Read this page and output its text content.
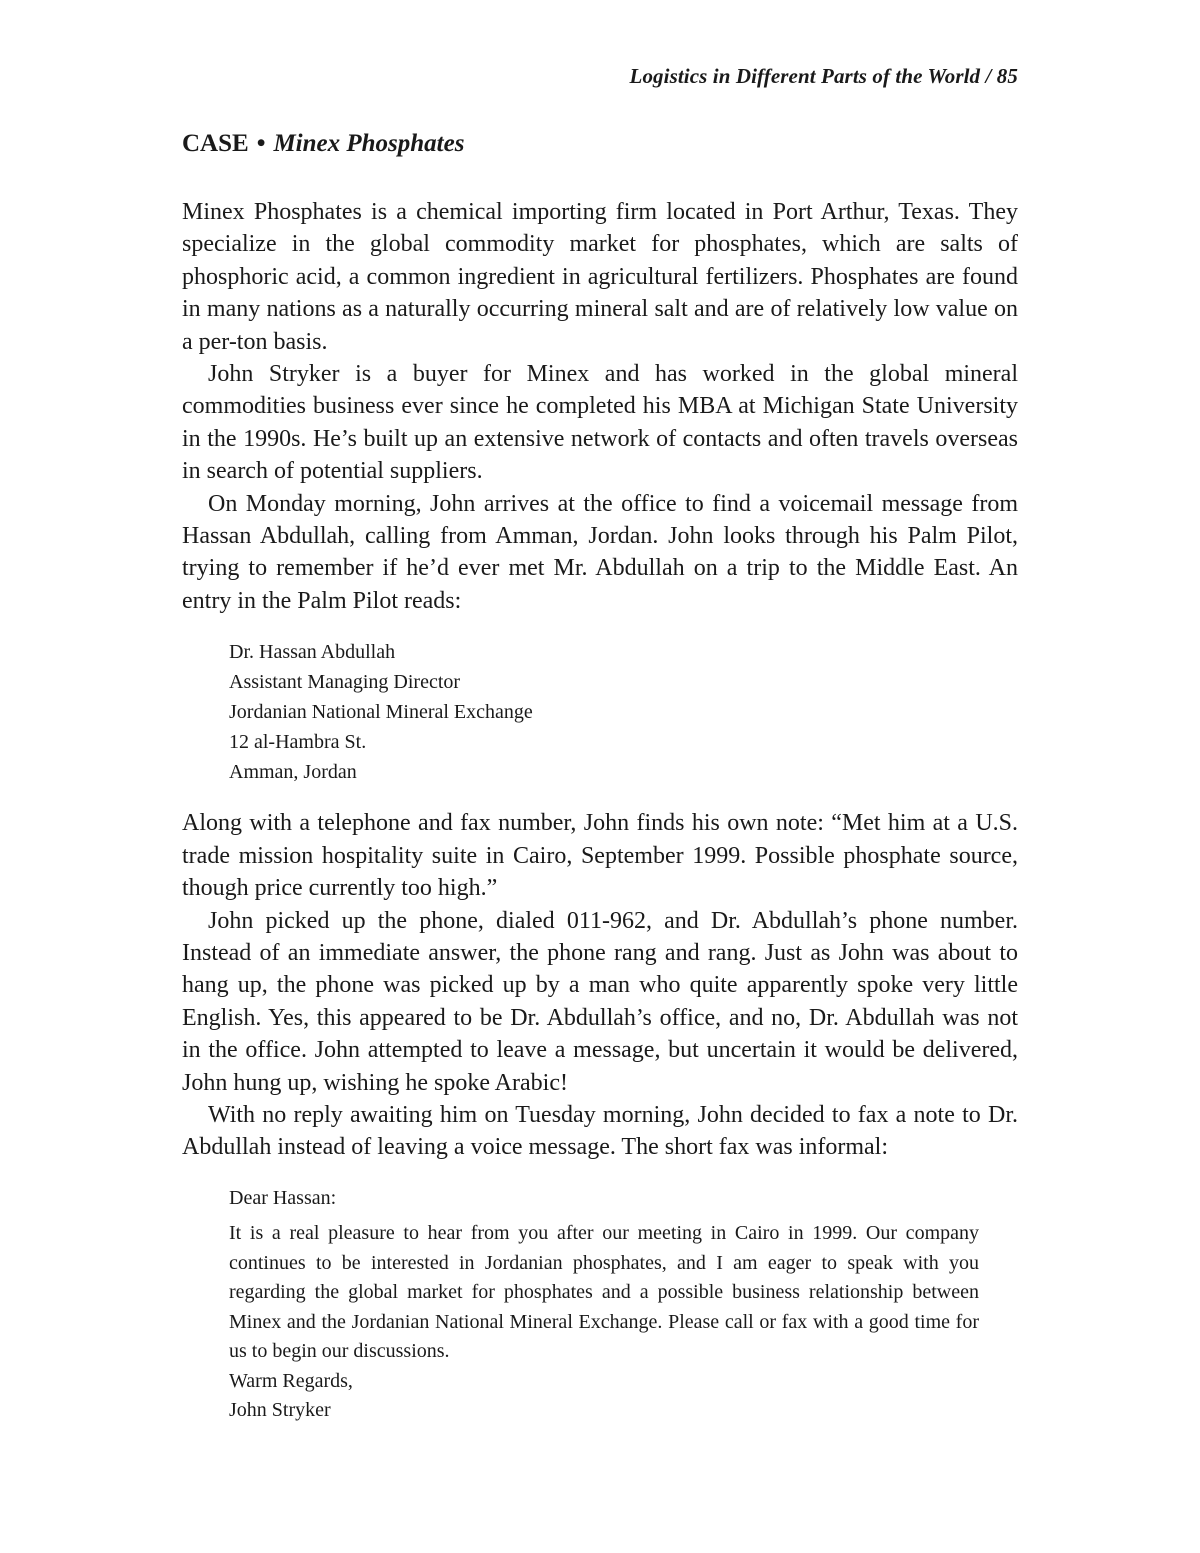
Logistics in Different Parts of the World / 85
CASE • Minex Phosphates

Minex Phosphates is a chemical importing firm located in Port Arthur, Texas. They specialize in the global commodity market for phosphates, which are salts of phosphoric acid, a common ingredient in agricultural fertilizers. Phosphates are found in many nations as a naturally occurring mineral salt and are of relatively low value on a per-ton basis.

John Stryker is a buyer for Minex and has worked in the global mineral commodities business ever since he completed his MBA at Michigan State University in the 1990s. He’s built up an extensive network of contacts and often travels overseas in search of potential suppliers.

On Monday morning, John arrives at the office to find a voicemail message from Hassan Abdullah, calling from Amman, Jordan. John looks through his Palm Pilot, trying to remember if he’d ever met Mr. Abdullah on a trip to the Middle East. An entry in the Palm Pilot reads:

Dr. Hassan Abdullah
Assistant Managing Director
Jordanian National Mineral Exchange
12 al-Hambra St.
Amman, Jordan

Along with a telephone and fax number, John finds his own note: “Met him at a U.S. trade mission hospitality suite in Cairo, September 1999. Possible phosphate source, though price currently too high.”

John picked up the phone, dialed 011-962, and Dr. Abdullah’s phone number. Instead of an immediate answer, the phone rang and rang. Just as John was about to hang up, the phone was picked up by a man who quite apparently spoke very little English. Yes, this appeared to be Dr. Abdullah’s office, and no, Dr. Abdullah was not in the office. John attempted to leave a message, but uncertain it would be delivered, John hung up, wishing he spoke Arabic!

With no reply awaiting him on Tuesday morning, John decided to fax a note to Dr. Abdullah instead of leaving a voice message. The short fax was informal:

Dear Hassan:
It is a real pleasure to hear from you after our meeting in Cairo in 1999. Our company continues to be interested in Jordanian phosphates, and I am eager to speak with you regarding the global market for phosphates and a possible business relationship between Minex and the Jordanian National Mineral Exchange. Please call or fax with a good time for us to begin our discussions.
Warm Regards,
John Stryker
